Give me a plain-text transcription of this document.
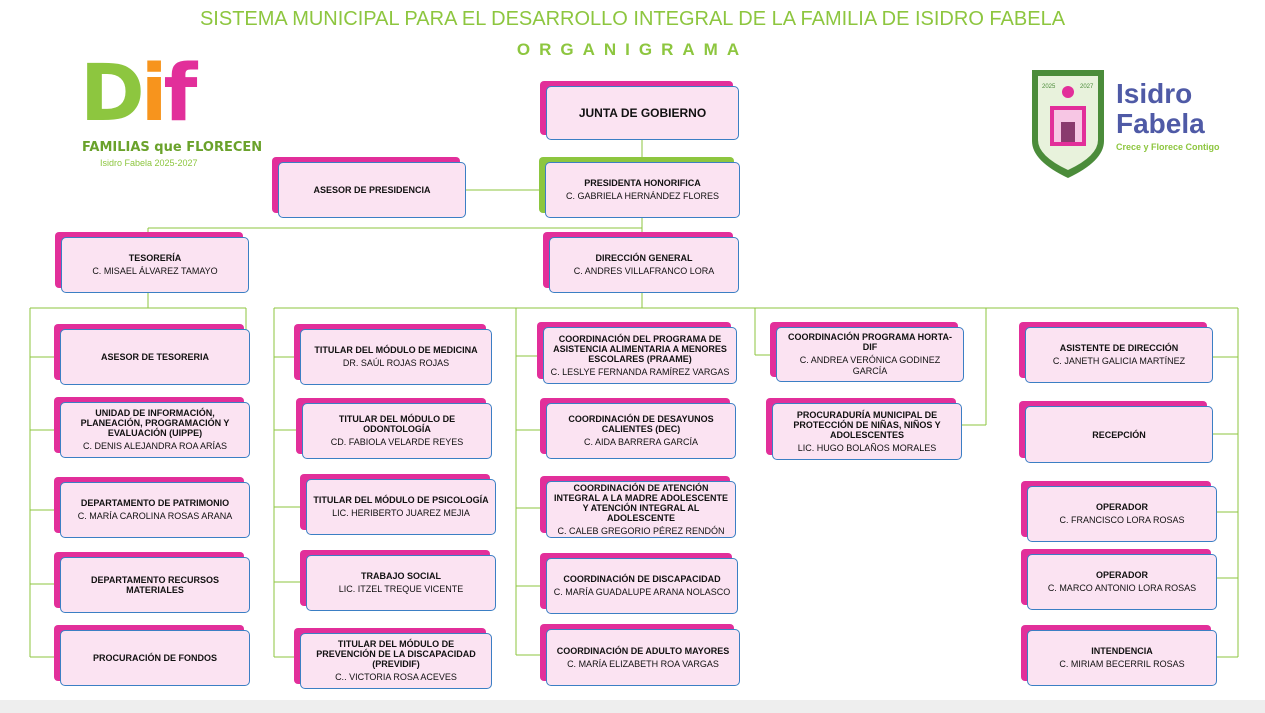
SISTEMA MUNICIPAL PARA EL DESARROLLO INTEGRAL DE LA FAMILIA DE ISIDRO FABELA
ORGANIGRAMA
Dif
FAMILIAS que FLORECEN
Isidro Fabela 2025-2027
2025	2027 Isidro
Fabela
Crece y Florece Contigo
JUNTA DE GOBIERNO
ASESOR DE PRESIDENCIA
PRESIDENTA HONORIFICA
C. GABRIELA HERNÁNDEZ FLORES
TESORERÍA
C. MISAEL ÁLVAREZ TAMAYO
DIRECCIÓN GENERAL
C. ANDRES VILLAFRANCO LORA
ASESOR DE TESORERIA
UNIDAD DE INFORMACIÓN, PLANEACIÓN, PROGRAMACIÓN Y EVALUACIÓN (UIPPE)
C. DENIS ALEJANDRA ROA ARÍAS
DEPARTAMENTO DE PATRIMONIO
C. MARÍA CAROLINA ROSAS ARANA
DEPARTAMENTO RECURSOS MATERIALES
PROCURACIÓN DE FONDOS
TITULAR DEL MÓDULO DE MEDICINA
DR. SAÚL ROJAS ROJAS
TITULAR DEL MÓDULO DE ODONTOLOGÍA
CD. FABIOLA VELARDE REYES
TITULAR DEL MÓDULO DE PSICOLOGÍA
LIC. HERIBERTO JUAREZ MEJIA
TRABAJO SOCIAL
LIC. ITZEL TREQUE VICENTE
TITULAR DEL MÓDULO DE PREVENCIÓN DE LA DISCAPACIDAD (PREVIDIF)
C.. VICTORIA ROSA ACEVES
COORDINACIÓN DEL PROGRAMA DE ASISTENCIA ALIMENTARIA A MENORES ESCOLARES (PRAAME)
C. LESLYE FERNANDA RAMÍREZ VARGAS
COORDINACIÓN DE DESAYUNOS CALIENTES (DEC)
C. AIDA BARRERA GARCÍA
COORDINACIÓN DE ATENCIÓN INTEGRAL A LA MADRE ADOLESCENTE Y ATENCIÓN INTEGRAL AL ADOLESCENTE
C. CALEB GREGORIO PÉREZ RENDÓN
COORDINACIÓN DE DISCAPACIDAD
C. MARÍA GUADALUPE ARANA NOLASCO
COORDINACIÓN DE ADULTO MAYORES
C. MARÍA ELIZABETH ROA VARGAS
COORDINACIÓN PROGRAMA HORTA-DIF
C. ANDREA VERÓNICA GODINEZ GARCÍA
PROCURADURÍA MUNICIPAL DE PROTECCIÓN DE NIÑAS, NIÑOS Y ADOLESCENTES
LIC. HUGO BOLAÑOS MORALES
ASISTENTE DE DIRECCIÓN
C. JANETH GALICIA MARTÍNEZ
RECEPCIÓN
OPERADOR
C. FRANCISCO LORA ROSAS
OPERADOR
C. MARCO ANTONIO LORA ROSAS
INTENDENCIA
C. MIRIAM BECERRIL ROSAS
